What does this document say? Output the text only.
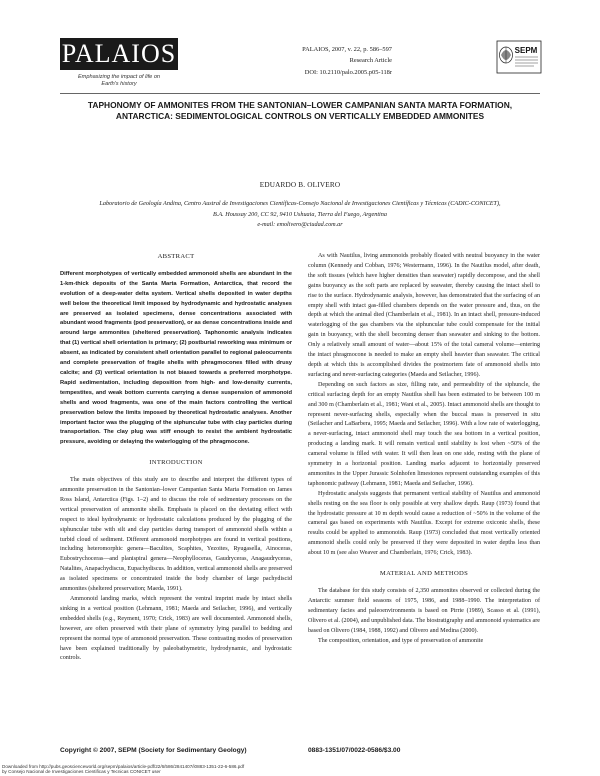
PALAIOS
Emphasizing the impact of life on
Earth's history
PALAIOS, 2007, v. 22, p. 586–597
Research Article
DOI: 10.2110/palo.2005.p05-118r
SEPM
TAPHONOMY OF AMMONITES FROM THE SANTONIAN–LOWER CAMPANIAN SANTA MARTA FORMATION, ANTARCTICA: SEDIMENTOLOGICAL CONTROLS ON VERTICALLY EMBEDDED AMMONITES
EDUARDO B. OLIVERO
Laboratorio de Geología Andina, Centro Austral de Investigaciones Científicas-Consejo Nacional de Investigaciones Científicas y Técnicas (CADIC-CONICET),
B.A. Houssay 200, CC 92, 9410 Ushuaia, Tierra del Fuego, Argentina
e-mail: emolivero@ciudad.com.ar
ABSTRACT

Different morphotypes of vertically embedded ammonoid shells are abundant in the 1-km-thick deposits of the Santa Marta Formation, Antarctica, that record the evolution of a deep-water delta system. Vertical shells deposited in water depths well below the theoretical limit imposed by hydrodynamic and hydrostatic analyses are preserved as isolated specimens, dense concentrations associated with abundant wood fragments (pod preservation), or as dense concentrations inside and around large ammonites (sheltered preservation). Taphonomic analysis indicates that (1) vertical shell orientation is primary; (2) postburial reworking was minimum or absent, as indicated by consistent shell orientation parallel to regional paleocurrents and complete preservation of fragile shells with phragmocones filled with drusy calcite; and (3) vertical orientation is not biased towards a preferred morphotype. Rapid sedimentation, including deposition from high- and low-density currents, tempestites, and weak bottom currents carrying a dense suspension of ammonoid shells and wood fragments, was one of the main factors controlling the vertical preservation below the limits imposed by theoretical hydrostatic analyses. Another important factor was the plugging of the siphuncular tube with clay particles during transportation. The clay plug was stiff enough to resist the ambient hydrostatic pressure, avoiding or delaying the waterlogging of the phragmocone.

INTRODUCTION

The main objectives of this study are to describe and interpret the different types of ammonite preservation in the Santonian–lower Campanian Santa Marta Formation on James Ross Island, Antarctica (Figs. 1–2) and to discuss the role of sedimentary processes on the vertical preservation of ammonite shells. Emphasis is placed on the deviating effect with respect to ideal hydrodynamic or hydrostatic calculations produced by the plugging of the siphuncular tube with silt and clay particles during transport of ammonoid shells within a turbid cloud of sediment. Different ammonoid morphotypes are found in vertical positions, including heteromorphic genera—Baculites, Scaphites, Yezoites, Ryugasella, Ainoceras, Eubostrychoceras—and planispiral genera—Neophylloceras, Gaudryceras, Anagaudryceras, Natalites, Anapachydiscus, Eupachydiscus. In addition, vertical ammonoid shells are preserved as isolated specimens or concentrated inside the body chamber of large pachydiscid ammonites (sheltered preservation; Maeda, 1991).

Ammonoid landing marks, which represent the ventral imprint made by intact shells sinking in a vertical position (Lehmann, 1981; Maeda and Seilacher, 1996), and vertically embedded shells (e.g., Reyment, 1970; Crick, 1983) are well documented. Ammonoid shells, however, are often preserved with their plane of symmetry lying parallel to bedding and represent the normal type of ammonoid preservation. These contrasting modes of preservation have been explained traditionally by paleobathymetric, hydrodynamic, and hydrostatic controls.

As with Nautilus, living ammonoids probably floated with neutral buoyancy in the water column (Kennedy and Cobban, 1976; Westermann, 1996). In the Nautilus model, after death, the soft tissues (which have higher densities than seawater) rapidly decompose, and the shell gains buoyancy as the soft parts are replaced by seawater, thereby causing the intact shell to rise to the surface. Hydrodynamic analysis, however, has demonstrated that the surfacing of an empty shell with intact gas-filled chambers depends on the water pressure and, thus, on the depth at which the animal died (Chamberlain et al., 1981). In an intact shell, pressure-induced waterlogging of the gas chambers via the siphuncular tube could compensate for the initial gain in buoyancy, with the shell becoming denser than seawater and sinking to the bottom. Only a relatively small amount of water—about 15% of the total cameral volume—entering the intact phragmocone is needed to make an empty shell heavier than seawater. The critical depth at which this is accomplished divides the postmortem fate of ammonoid shells into surfacing and never-surfacing categories (Maeda and Seilacher, 1996).

Depending on such factors as size, filling rate, and permeability of the siphuncle, the critical surfacing depth for an empty Nautilus shell has been estimated to be between 100 m and 300 m (Chamberlain et al., 1981; Wani et al., 2005). Intact ammonoid shells are thought to represent never-surfacing shells, especially when the buccal mass is preserved in situ (Seilacher and LaBarbera, 1995; Maeda and Seilacher, 1996). With a low rate of waterlogging, a never-surfacing, intact ammonoid shell may touch the sea bottom in a vertical position, producing a landing mark. It will remain vertical until stability is lost when ~50% of the cameral volume is filled with water. It will then lean on one side, resting with the plane of symmetry in a horizontal position. Landing marks adjacent to horizontally preserved ammonites in the Upper Jurassic Solnhofen limestones represent outstanding examples of this taphonomic pathway (Lehmann, 1981; Maeda and Seilacher, 1996).

Hydrostatic analysis suggests that permanent vertical stability of Nautilus and ammonoid shells resting on the sea floor is only possible at very shallow depth. Raup (1973) found that the hydrostatic pressure at 10 m depth would cause a reduction of ~50% in the volume of the cameral gas based on experiments with Nautilus. Except for extreme oxiconic shells, these results could be applied to ammonoids. Raup (1973) concluded that most vertically oriented ammonoid shells could only be preserved if they were deposited in water depths less than about 10 m (see also Weaver and Chamberlain, 1976; Crick, 1983).

MATERIAL AND METHODS

The database for this study consists of 2,350 ammonites observed or collected during the Antarctic summer field seasons of 1975, 1986, and 1988–1990. The interpretation of sedimentary facies and paleoenvironments is based on Pirrie (1989), Scasso et al. (1991), Olivero et al. (2004), and unpublished data. The biostratigraphy and ammonoid systematics are based on Olivero (1984, 1988, 1992) and Olivero and Medina (2000).

The composition, orientation, and type of preservation of ammonite

Copyright © 2007, SEPM (Society for Sedimentary Geology)	0883-1351/07/0022-0586/$3.00
Downloaded from http://pubs.geoscienceworld.org/sepm/palaios/article-pdf/22/6/586/2841407/i0883-1351-22-6-586.pdf
by Consejo Nacional de Investigaciones Cientificas y Tecnicas CONICET user
